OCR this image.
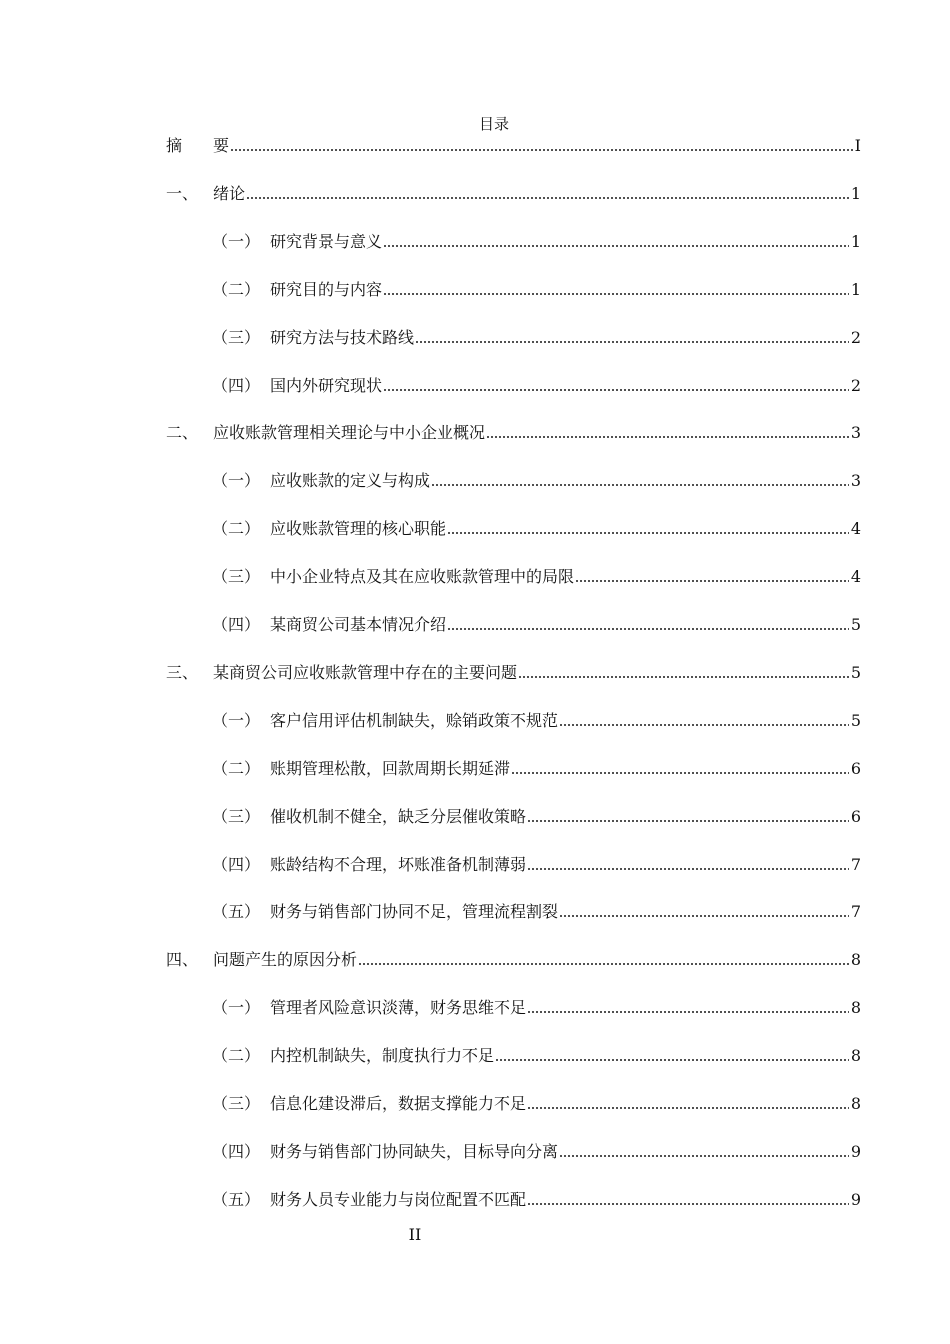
目录
摘	要	I
一、 绪论	1
（一） 研究背景与意义	1
（二） 研究目的与内容	1
（三） 研究方法与技术路线	2
（四） 国内外研究现状	2
二、 应收账款管理相关理论与中小企业概况	3
（一） 应收账款的定义与构成	3
（二） 应收账款管理的核心职能	4
（三） 中小企业特点及其在应收账款管理中的局限	4
（四） 某商贸公司基本情况介绍	5
三、 某商贸公司应收账款管理中存在的主要问题	5
（一） 客户信用评估机制缺失，赊销政策不规范	5
（二） 账期管理松散，回款周期长期延滞	6
（三） 催收机制不健全，缺乏分层催收策略	6
（四） 账龄结构不合理，坏账准备机制薄弱	7
（五） 财务与销售部门协同不足，管理流程割裂	7
四、 问题产生的原因分析	8
（一） 管理者风险意识淡薄，财务思维不足	8
（二） 内控机制缺失，制度执行力不足	8
（三） 信息化建设滞后，数据支撑能力不足	8
（四） 财务与销售部门协同缺失，目标导向分离	9
（五） 财务人员专业能力与岗位配置不匹配	9
II
